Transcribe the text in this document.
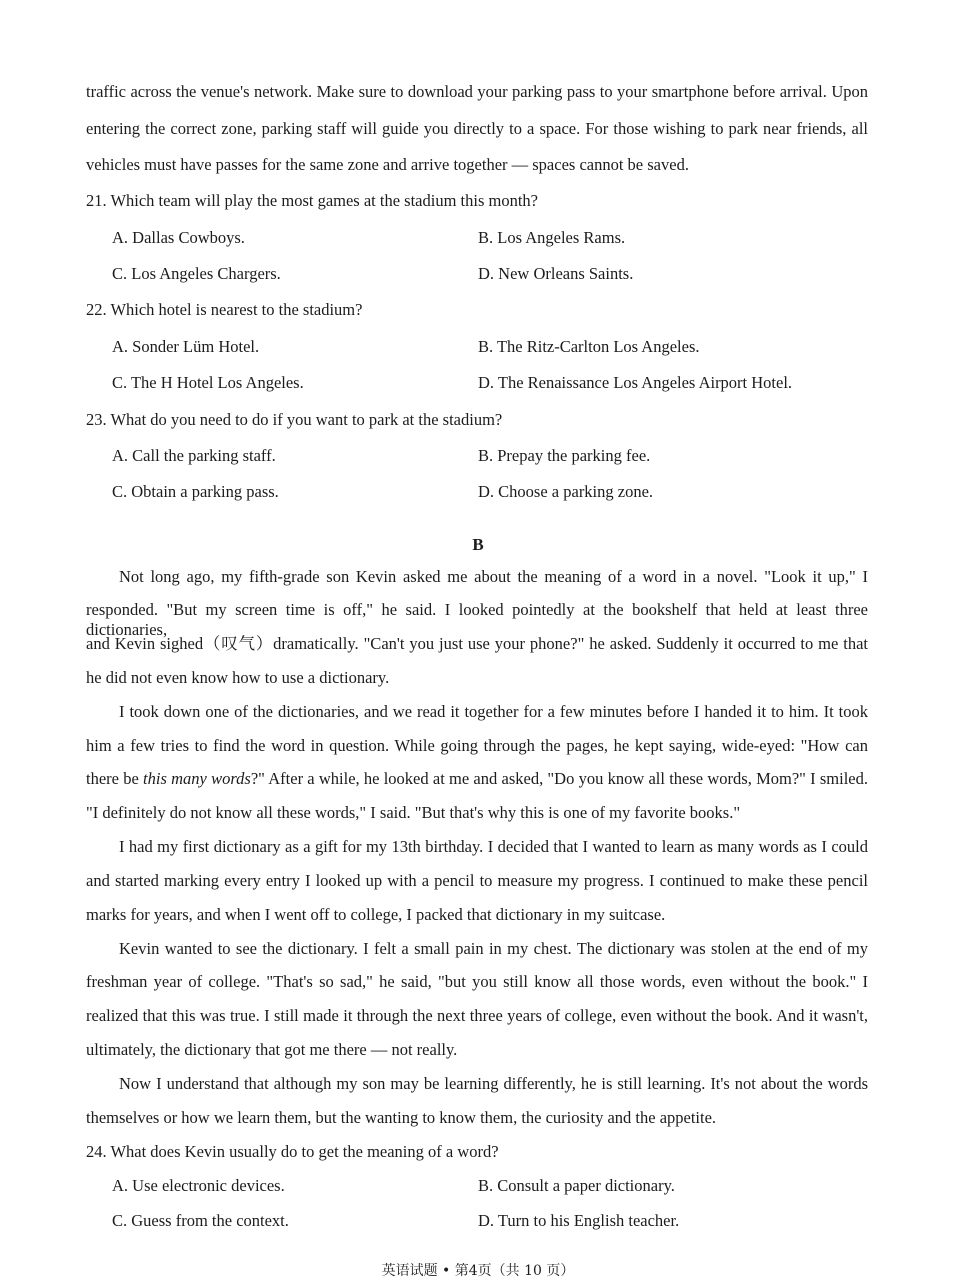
traffic across the venue's network. Make sure to download your parking pass to your smartphone before arrival. Upon
entering the correct zone, parking staff will guide you directly to a space. For those wishing to park near friends, all
vehicles must have passes for the same zone and arrive together — spaces cannot be saved.
21. Which team will play the most games at the stadium this month?
A. Dallas Cowboys.	B. Los Angeles Rams.
C. Los Angeles Chargers.	D. New Orleans Saints.
22. Which hotel is nearest to the stadium?
A. Sonder Lüm Hotel.	B. The Ritz-Carlton Los Angeles.
C. The H Hotel Los Angeles.	D. The Renaissance Los Angeles Airport Hotel.
23. What do you need to do if you want to park at the stadium?
A. Call the parking staff.	B. Prepay the parking fee.
C. Obtain a parking pass.	D. Choose a parking zone.
B
Not long ago, my fifth-grade son Kevin asked me about the meaning of a word in a novel. "Look it up," I
responded. "But my screen time is off," he said. I looked pointedly at the bookshelf that held at least three dictionaries,
and Kevin sighed（叹气）dramatically. "Can't you just use your phone?" he asked. Suddenly it occurred to me that
he did not even know how to use a dictionary.
I took down one of the dictionaries, and we read it together for a few minutes before I handed it to him. It took
him a few tries to find the word in question. While going through the pages, he kept saying, wide-eyed: "How can
there be this many words?" After a while, he looked at me and asked, "Do you know all these words, Mom?" I smiled.
"I definitely do not know all these words," I said. "But that's why this is one of my favorite books."
I had my first dictionary as a gift for my 13th birthday. I decided that I wanted to learn as many words as I could
and started marking every entry I looked up with a pencil to measure my progress. I continued to make these pencil
marks for years, and when I went off to college, I packed that dictionary in my suitcase.
Kevin wanted to see the dictionary. I felt a small pain in my chest. The dictionary was stolen at the end of my
freshman year of college. "That's so sad," he said, "but you still know all those words, even without the book." I
realized that this was true. I still made it through the next three years of college, even without the book. And it wasn't,
ultimately, the dictionary that got me there — not really.
Now I understand that although my son may be learning differently, he is still learning. It's not about the words
themselves or how we learn them, but the wanting to know them, the curiosity and the appetite.
24. What does Kevin usually do to get the meaning of a word?
A. Use electronic devices.	B. Consult a paper dictionary.
C. Guess from the context.	D. Turn to his English teacher.
英语试题 • 第4页（共 10 页）
